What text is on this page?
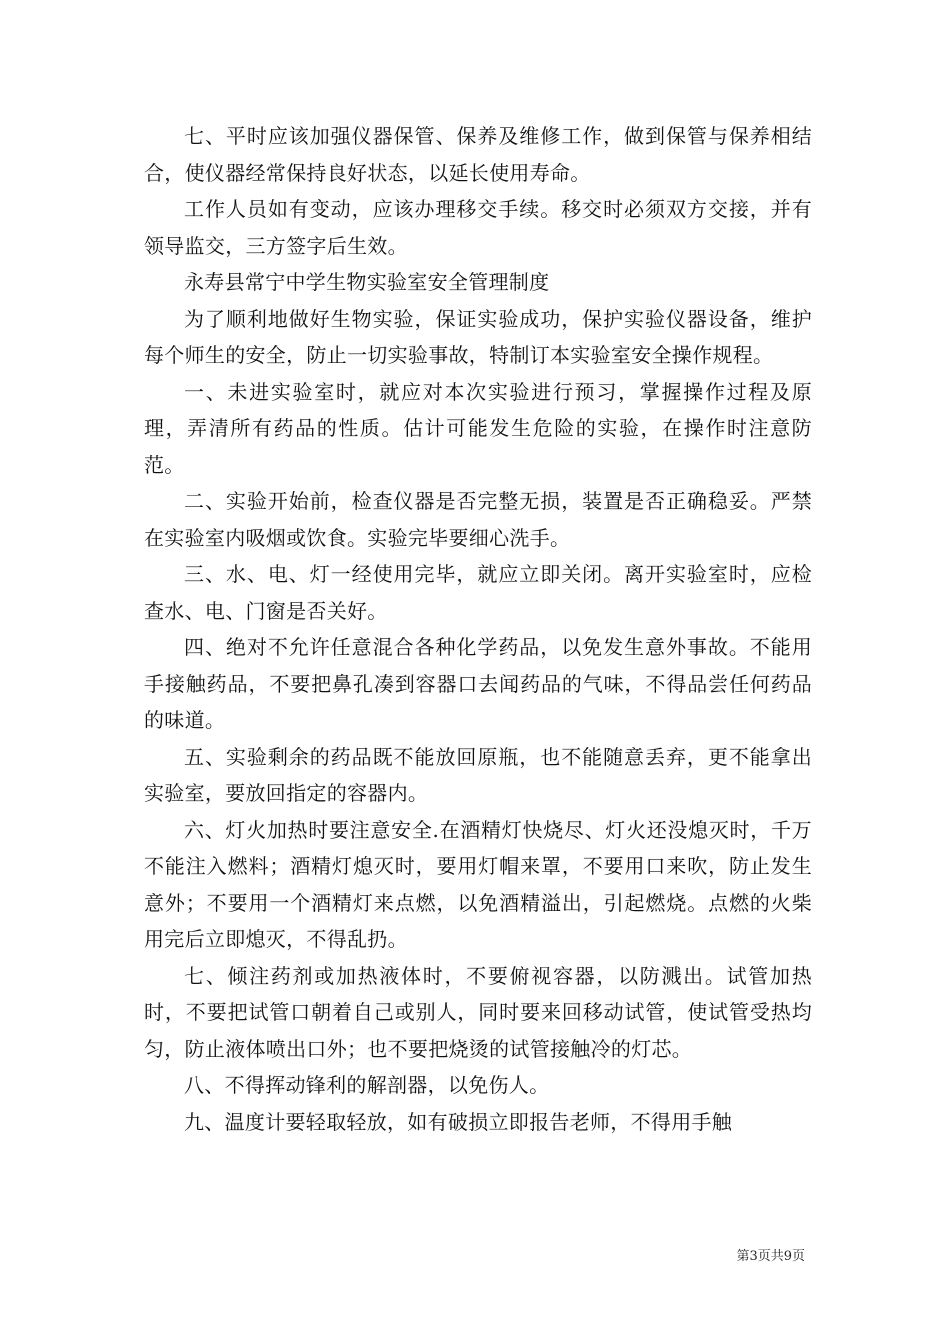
七、平时应该加强仪器保管、保养及维修工作，做到保管与保养相结合，使仪器经常保持良好状态，以延长使用寿命。

工作人员如有变动，应该办理移交手续。移交时必须双方交接，并有领导监交，三方签字后生效。

永寿县常宁中学生物实验室安全管理制度

为了顺利地做好生物实验，保证实验成功，保护实验仪器设备，维护每个师生的安全，防止一切实验事故，特制订本实验室安全操作规程。

一、未进实验室时，就应对本次实验进行预习，掌握操作过程及原理，弄清所有药品的性质。估计可能发生危险的实验，在操作时注意防范。

二、实验开始前，检查仪器是否完整无损，装置是否正确稳妥。严禁在实验室内吸烟或饮食。实验完毕要细心洗手。

三、水、电、灯一经使用完毕，就应立即关闭。离开实验室时，应检查水、电、门窗是否关好。

四、绝对不允许任意混合各种化学药品，以免发生意外事故。不能用手接触药品，不要把鼻孔凑到容器口去闻药品的气味，不得品尝任何药品的味道。

五、实验剩余的药品既不能放回原瓶，也不能随意丢弃，更不能拿出实验室，要放回指定的容器内。

六、灯火加热时要注意安全.在酒精灯快烧尽、灯火还没熄灭时，千万不能注入燃料；酒精灯熄灭时，要用灯帽来罩，不要用口来吹，防止发生意外；不要用一个酒精灯来点燃，以免酒精溢出，引起燃烧。点燃的火柴用完后立即熄灭，不得乱扔。

七、倾注药剂或加热液体时，不要俯视容器，以防溅出。试管加热时，不要把试管口朝着自己或别人，同时要来回移动试管，使试管受热均匀，防止液体喷出口外；也不要把烧烫的试管接触冷的灯芯。

八、不得挥动锋利的解剖器，以免伤人。

九、温度计要轻取轻放，如有破损立即报告老师，不得用手触

第3页共9页
